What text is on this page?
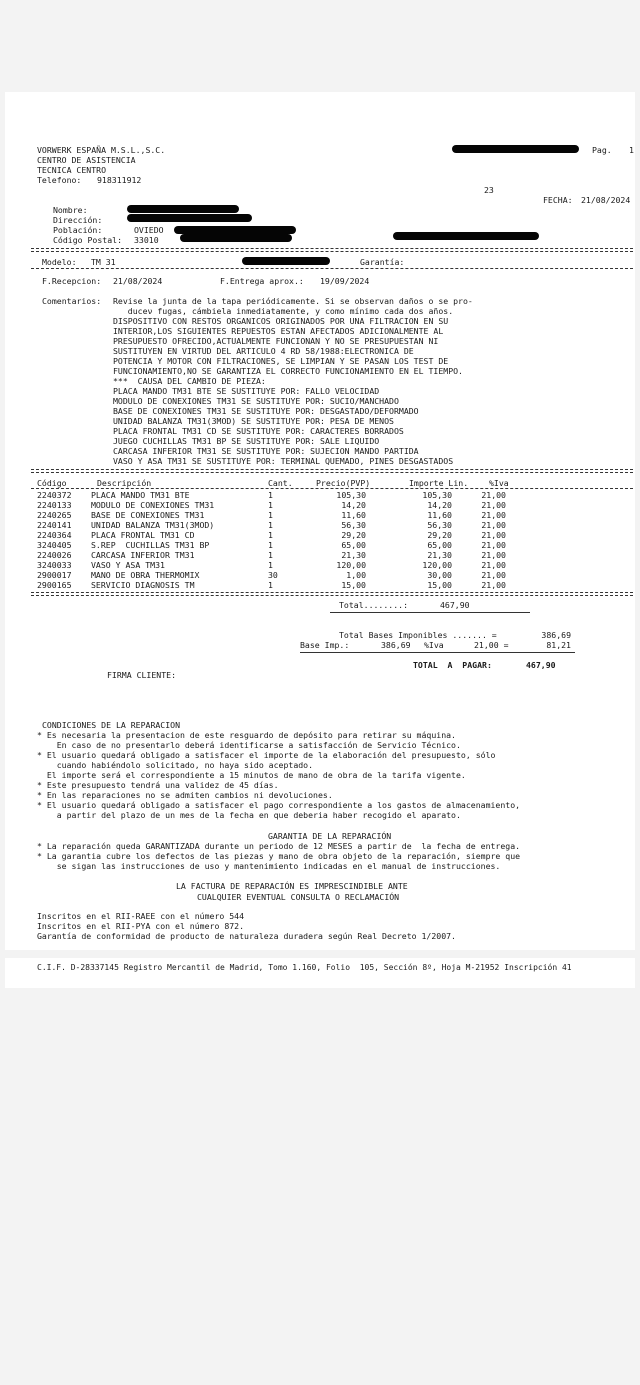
VORWERK ESPAÑA M.S.L.,S.C.
CENTRO DE ASISTENCIA
TECNICA CENTRO
Telefono: 918311912
Pag. 1
23
FECHA: 21/08/2024
Nombre:
Dirección:
Población:	OVIEDO
Código Postal: 33010
Modelo: TM 31	Garantía:
F.Recepcion: 21/08/2024	F.Entrega aprox.: 19/09/2024
Comentarios: Revise la junta de la tapa periódicamente. Si se observan daños o se pro-
duceν fugas, cámbiela inmediatamente, y como mínimo cada dos años.
DISPOSITIVO CON RESTOS ORGANICOS ORIGINADOS POR UNA FILTRACION EN SU
INTERIOR,LOS SIGUIENTES REPUESTOS ESTAN AFECTADOS ADICIONALMENTE AL
PRESUPUESTO OFRECIDO,ACTUALMENTE FUNCIONAN Y NO SE PRESUPUESTAN NI
SUSTITUYEN EN VIRTUD DEL ARTICULO 4 RD 58/1988:ELECTRONICA DE
POTENCIA Y MOTOR CON FILTRACIONES, SE LIMPIAN Y SE PASAN LOS TEST DE
FUNCIONAMIENTO,NO SE GARANTIZA EL CORRECTO FUNCIONAMIENTO EN EL TIEMPO.
***  CAUSA DEL CAMBIO DE PIEZA:
PLACA MANDO TM31 BTE SE SUSTITUYE POR: FALLO VELOCIDAD
MODULO DE CONEXIONES TM31 SE SUSTITUYE POR: SUCIO/MANCHADO
BASE DE CONEXIONES TM31 SE SUSTITUYE POR: DESGASTADO/DEFORMADO
UNIDAD BALANZA TM31(3MOD) SE SUSTITUYE POR: PESA DE MENOS
PLACA FRONTAL TM31 CD SE SUSTITUYE POR: CARACTERES BORRADOS
JUEGO CUCHILLAS TM31 BP SE SUSTITUYE POR: SALE LIQUIDO
CARCASA INFERIOR TM31 SE SUSTITUYE POR: SUJECION MANDO PARTIDA
VASO Y ASA TM31 SE SUSTITUYE POR: TERMINAL QUEMADO, PINES DESGASTADOS
Código	Descripción	Cant.	Precio(PVP)	Importe Lin.	%Iva
2240372 PLACA MANDO TM31 BTE	1	105,30	105,30	21,00
2240133 MODULO DE CONEXIONES TM31	1	14,20	14,20	21,00
2240265 BASE DE CONEXIONES TM31	1	11,60	11,60	21,00
2240141 UNIDAD BALANZA TM31(3MOD)	1	56,30	56,30	21,00
2240364 PLACA FRONTAL TM31 CD	1	29,20	29,20	21,00
3240405 S.REP  CUCHILLAS TM31 BP	1	65,00	65,00	21,00
2240026 CARCASA INFERIOR TM31	1	21,30	21,30	21,00
3240033 VASO Y ASA TM31	1	120,00	120,00	21,00
2900017 MANO DE OBRA THERMOMIX	30	1,00	30,00	21,00
2900165 SERVICIO DIAGNOSIS TM	1	15,00	15,00	21,00
Total........:	467,90
Total Bases Imponibles ....... =	386,69
Base Imp.:	386,69 %Iva	21,00 =	81,21
TOTAL  A  PAGAR:	467,90
FIRMA CLIENTE:
CONDICIONES DE LA REPARACION
* Es necesaria la presentacion de este resguardo de depósito para retirar su máquina.
En caso de no presentarlo deberá identificarse a satisfacción de Servicio Técnico.
* El usuario quedará obligado a satisfacer el importe de la elaboración del presupuesto, sólo
cuando habiéndolo solicitado, no haya sido aceptado.
El importe será el correspondiente a 15 minutos de mano de obra de la tarifa vigente.
* Este presupuesto tendrá una validez de 45 días.
* En las reparaciones no se admiten cambios ni devoluciones.
* El usuario quedará obligado a satisfacer el pago correspondiente a los gastos de almacenamiento,
a partir del plazo de un mes de la fecha en que deberia haber recogido el aparato.
GARANTIA DE LA REPARACIÓN
* La reparación queda GARANTIZADA durante un periodo de 12 MESES a partir de  la fecha de entrega.
* La garantia cubre los defectos de las piezas y mano de obra objeto de la reparación, siempre que
se sigan las instrucciones de uso y mantenimiento indicadas en el manual de instrucciones.
LA FACTURA DE REPARACIÓN ES IMPRESCINDIBLE ANTE
CUALQUIER EVENTUAL CONSULTA O RECLAMACIÓN
Inscritos en el RII-RAEE con el número 544
Inscritos en el RII-PYA con el número 872.
Garantía de conformidad de producto de naturaleza duradera según Real Decreto 1/2007.
C.I.F. D-28337145 Registro Mercantil de Madrid, Tomo 1.160, Folio  105, Sección 8º, Hoja M-21952 Inscripción 41
